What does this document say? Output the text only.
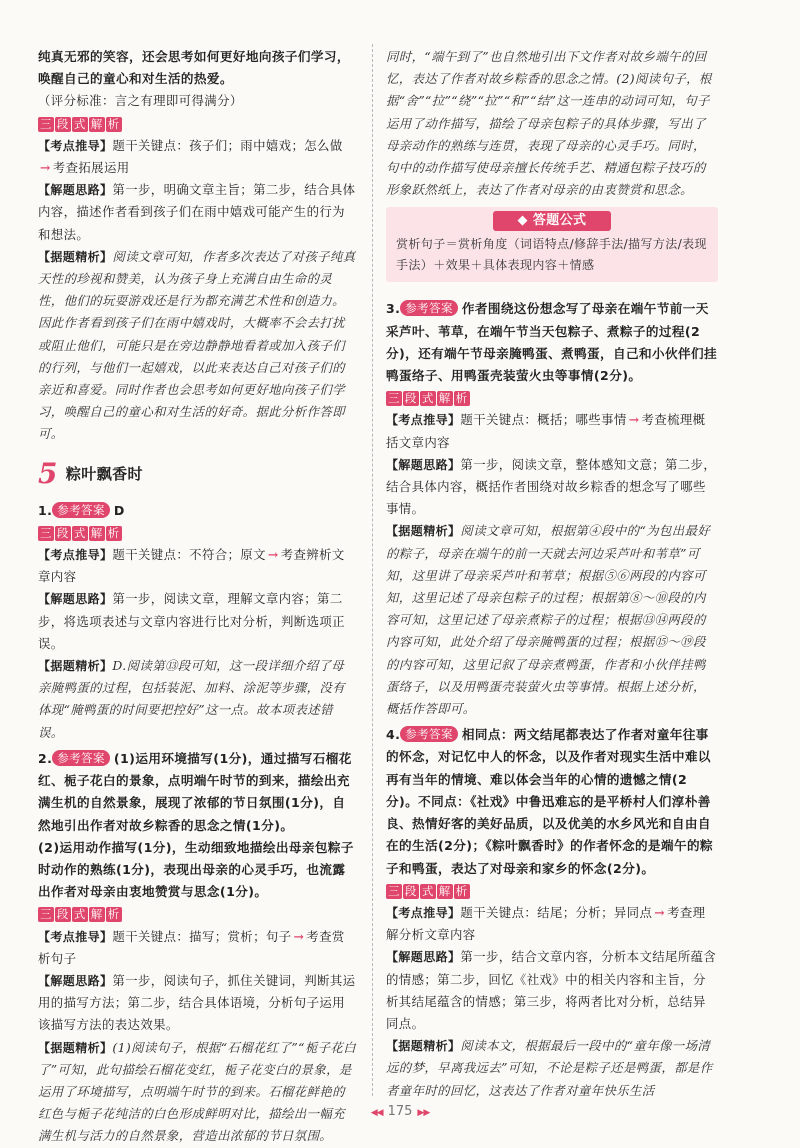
纯真无邪的笑容，还会思考如何更好地向孩子们学习，唤醒自己的童心和对生活的热爱。

（评分标准：言之有理即可得满分）

三 段 式 解 析

【考点推导】题干关键点：孩子们；雨中嬉戏；怎么做→ 考查拓展运用

【解题思路】第一步，明确文章主旨；第二步，结合具体内容，描述作者看到孩子们在雨中嬉戏可能产生的行为和想法。

【据题精析】阅读文章可知，作者多次表达了对孩子纯真天性的珍视和赞美，认为孩子身上充满自由生命的灵性，他们的玩耍游戏还是行为都充满艺术性和创造力。因此作者看到孩子们在雨中嬉戏时，大概率不会去打扰或阻止他们，可能只是在旁边静静地看着或加入孩子们的行列，与他们一起嬉戏，以此来表达自己对孩子们的亲近和喜爱。同时作者也会思考如何更好地向孩子们学习，唤醒自己的童心和对生活的好奇。据此分析作答即可。

5 粽叶飘香时

1. 参考答案 D

三 段 式 解 析

【考点推导】题干关键点：不符合；原文 → 考查辨析文章内容

【解题思路】第一步，阅读文章，理解文章内容；第二步，将选项表述与文章内容进行比对分析，判断选项正误。

【据题精析】D.阅读第⑬段可知，这一段详细介绍了母亲腌鸭蛋的过程，包括装泥、加料、涂泥等步骤，没有体现“腌鸭蛋的时间要把控好”这一点。故本项表述错误。

2. 参考答案 (1)运用环境描写(1分)，通过描写石榴花红、栀子花白的景象，点明端午时节的到来，描绘出充满生机的自然景象，展现了浓郁的节日氛围(1分)，自然地引出作者对故乡粽香的思念之情(1分)。

(2)运用动作描写(1分)，生动细致地描绘出母亲包粽子时动作的熟练(1分)，表现出母亲的心灵手巧，也流露出作者对母亲由衷地赞赏与思念(1分)。

三 段 式 解 析

【考点推导】题干关键点：描写；赏析；句子 → 考查赏析句子

【解题思路】第一步，阅读句子，抓住关键词，判断其运用的描写方法；第二步，结合具体语境，分析句子运用该描写方法的表达效果。

【据题精析】(1)阅读句子，根据“石榴花红了”“栀子花白了”可知，此句描绘石榴花变红，栀子花变白的景象，是运用了环境描写，点明端午时节的到来。石榴花鲜艳的红色与栀子花纯洁的白色形成鲜明对比，描绘出一幅充满生机与活力的自然景象，营造出浓郁的节日氛围。

同时，“端午到了”也自然地引出下文作者对故乡端午的回忆，表达了作者对故乡粽香的思念之情。(2)阅读句子，根据“舍”“拉”“绕”“拉”“和”“结”这一连串的动词可知，句子运用了动作描写，描绘了母亲包粽子的具体步骤，写出了母亲动作的熟练与连贯，表现了母亲的心灵手巧。同时，句中的动作描写使母亲擅长传统手艺、精通包粽子技巧的形象跃然纸上，表达了作者对母亲的由衷赞赏和思念。

◆ 答题公式

赏析句子＝赏析角度（词语特点/修辞手法/描写方法/表现手法）＋效果＋具体表现内容＋情感

3. 参考答案 作者围绕这份想念写了母亲在端午节前一天采芦叶、苇草，在端午节当天包粽子、煮粽子的过程(2分)，还有端午节母亲腌鸭蛋、煮鸭蛋，自己和小伙伴们挂鸭蛋络子、用鸭蛋壳装萤火虫等事情(2分)。

三 段 式 解 析

【考点推导】题干关键点：概括；哪些事情 → 考查梳理概括文章内容

【解题思路】第一步，阅读文章，整体感知文意；第二步，结合具体内容，概括作者围绕对故乡粽香的想念写了哪些事情。

【据题精析】阅读文章可知，根据第④段中的“为包出最好的粽子，母亲在端午的前一天就去河边采芦叶和苇草”可知，这里讲了母亲采芦叶和苇草；根据⑤⑥两段的内容可知，这里记述了母亲包粽子的过程；根据第⑧～⑩段的内容可知，这里记述了母亲煮粽子的过程；根据⑬⑭两段的内容可知，此处介绍了母亲腌鸭蛋的过程；根据⑮～⑲段的内容可知，这里记叙了母亲煮鸭蛋，作者和小伙伴挂鸭蛋络子，以及用鸭蛋壳装萤火虫等事情。根据上述分析，概括作答即可。

4. 参考答案 相同点：两文结尾都表达了作者对童年往事的怀念，对记忆中人的怀念，以及作者对现实生活中难以再有当年的情境、难以体会当年的心情的遗憾之情(2分)。不同点：《社戏》中鲁迅难忘的是平桥村人们淳朴善良、热情好客的美好品质，以及优美的水乡风光和自由自在的生活(2分)；《粽叶飘香时》的作者怀念的是端午的粽子和鸭蛋，表达了对母亲和家乡的怀念(2分)。

三 段 式 解 析

【考点推导】题干关键点：结尾；分析；异同点 → 考查理解分析文章内容

【解题思路】第一步，结合文章内容，分析本文结尾所蕴含的情感；第二步，回忆《社戏》中的相关内容和主旨，分析其结尾蕴含的情感；第三步，将两者比对分析，总结异同点。

【据题精析】阅读本文，根据最后一段中的“童年像一场清远的梦，早离我远去”可知，不论是粽子还是鸭蛋，都是作者童年时的回忆，这表达了作者对童年快乐生活

◀◀ 175 ▶▶
